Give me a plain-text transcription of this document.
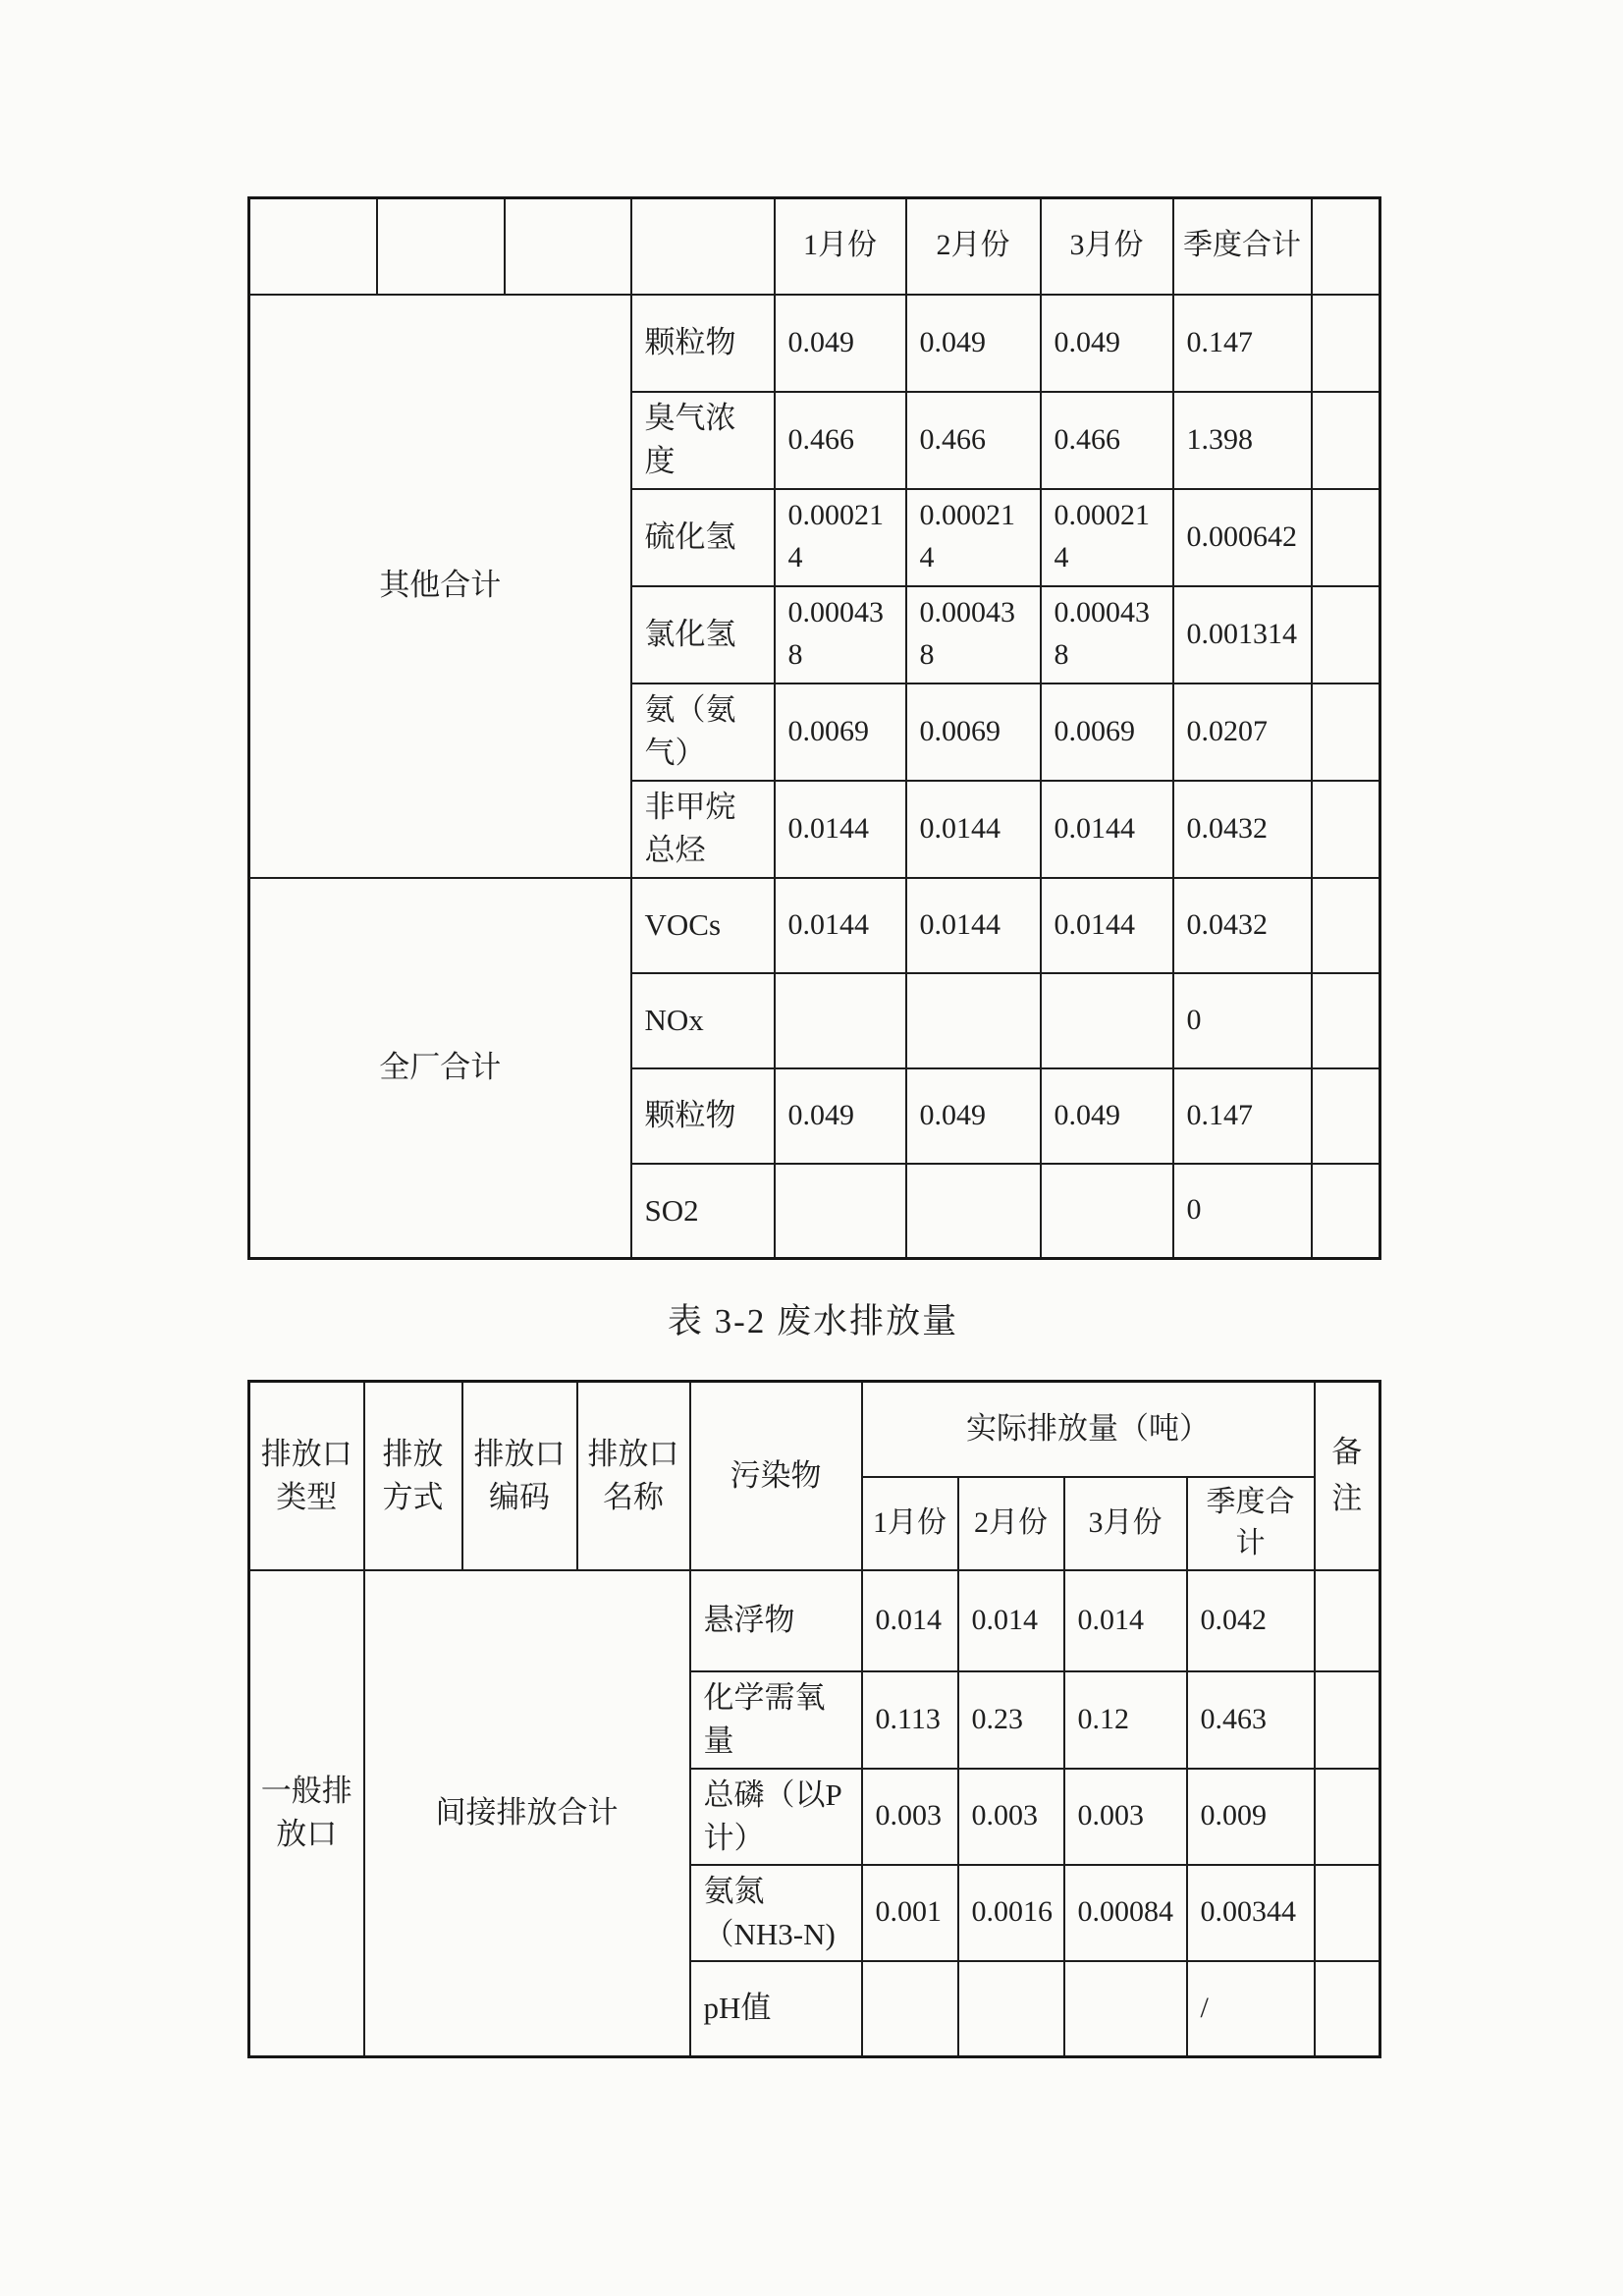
				1月份	2月份	3月份	季度合计	
其他合计			颗粒物	0.049	0.049	0.049	0.147	
			臭气浓度	0.466	0.466	0.466	1.398	
			硫化氢	0.000214	0.000214	0.000214	0.000642	
			氯化氢	0.000438	0.000438	0.000438	0.001314	
			氨（氨气）	0.0069	0.0069	0.0069	0.0207	
			非甲烷总烃	0.0144	0.0144	0.0144	0.0432	
全厂合计			VOCs	0.0144	0.0144	0.0144	0.0432	
			NOx				0	
			颗粒物	0.049	0.049	0.049	0.147	
			SO2				0	
表 3-2 废水排放量
排放口类型	排放方式	排放口编码	排放口名称	污染物	实际排放量（吨）				备注
					1月份	2月份	3月份	季度合计	
一般排放口	间接排放合计			悬浮物	0.014	0.014	0.014	0.042	
				化学需氧量	0.113	0.23	0.12	0.463	
				总磷（以P计）	0.003	0.003	0.003	0.009	
				氨氮（NH3-N)	0.001	0.0016	0.00084	0.00344	
				pH值				/	
